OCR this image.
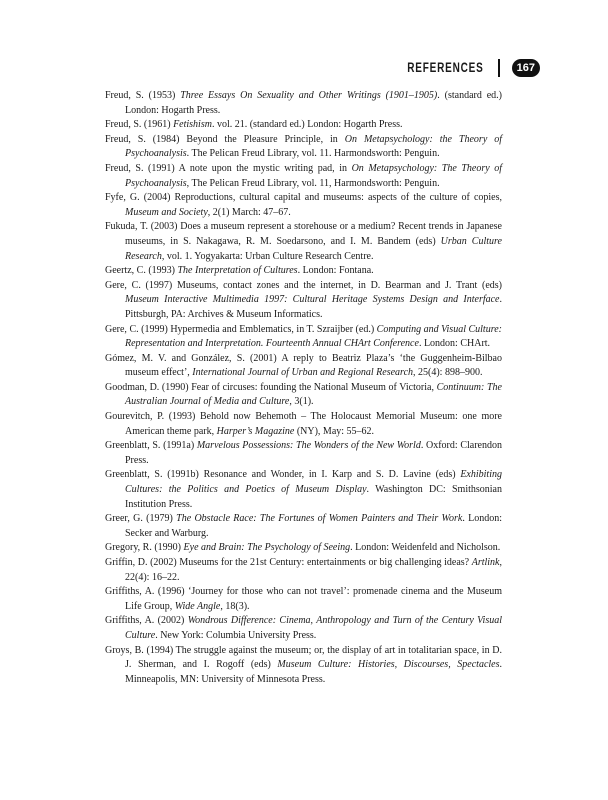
REFERENCES	167
Freud, S. (1953) Three Essays On Sexuality and Other Writings (1901–1905). (standard ed.) London: Hogarth Press.
Freud, S. (1961) Fetishism. vol. 21. (standard ed.) London: Hogarth Press.
Freud, S. (1984) Beyond the Pleasure Principle, in On Metapsychology: the Theory of Psychoanalysis. The Pelican Freud Library, vol. 11. Harmondsworth: Penguin.
Freud, S. (1991) A note upon the mystic writing pad, in On Metapsychology: The Theory of Psychoanalysis, The Pelican Freud Library, vol. 11, Harmondsworth: Penguin.
Fyfe, G. (2004) Reproductions, cultural capital and museums: aspects of the culture of copies, Museum and Society, 2(1) March: 47–67.
Fukuda, T. (2003) Does a museum represent a storehouse or a medium? Recent trends in Japanese museums, in S. Nakagawa, R. M. Soedarsono, and I. M. Bandem (eds) Urban Culture Research, vol. 1. Yogyakarta: Urban Culture Research Centre.
Geertz, C. (1993) The Interpretation of Cultures. London: Fontana.
Gere, C. (1997) Museums, contact zones and the internet, in D. Bearman and J. Trant (eds) Museum Interactive Multimedia 1997: Cultural Heritage Systems Design and Interface. Pittsburgh, PA: Archives & Museum Informatics.
Gere, C. (1999) Hypermedia and Emblematics, in T. Szraijber (ed.) Computing and Visual Culture: Representation and Interpretation. Fourteenth Annual CHArt Conference. London: CHArt.
Gómez, M. V. and González, S. (2001) A reply to Beatriz Plaza’s ‘the Guggenheim-Bilbao museum effect’, International Journal of Urban and Regional Research, 25(4): 898–900.
Goodman, D. (1990) Fear of circuses: founding the National Museum of Victoria, Continuum: The Australian Journal of Media and Culture, 3(1).
Gourevitch, P. (1993) Behold now Behemoth – The Holocaust Memorial Museum: one more American theme park, Harper’s Magazine (NY), May: 55–62.
Greenblatt, S. (1991a) Marvelous Possessions: The Wonders of the New World. Oxford: Clarendon Press.
Greenblatt, S. (1991b) Resonance and Wonder, in I. Karp and S. D. Lavine (eds) Exhibiting Cultures: the Politics and Poetics of Museum Display. Washington DC: Smithsonian Institution Press.
Greer, G. (1979) The Obstacle Race: The Fortunes of Women Painters and Their Work. London: Secker and Warburg.
Gregory, R. (1990) Eye and Brain: The Psychology of Seeing. London: Weidenfeld and Nicholson.
Griffin, D. (2002) Museums for the 21st Century: entertainments or big challenging ideas? Artlink, 22(4): 16–22.
Griffiths, A. (1996) ‘Journey for those who can not travel’: promenade cinema and the Museum Life Group, Wide Angle, 18(3).
Griffiths, A. (2002) Wondrous Difference: Cinema, Anthropology and Turn of the Century Visual Culture. New York: Columbia University Press.
Groys, B. (1994) The struggle against the museum; or, the display of art in totalitarian space, in D. J. Sherman, and I. Rogoff (eds) Museum Culture: Histories, Discourses, Spectacles. Minneapolis, MN: University of Minnesota Press.
